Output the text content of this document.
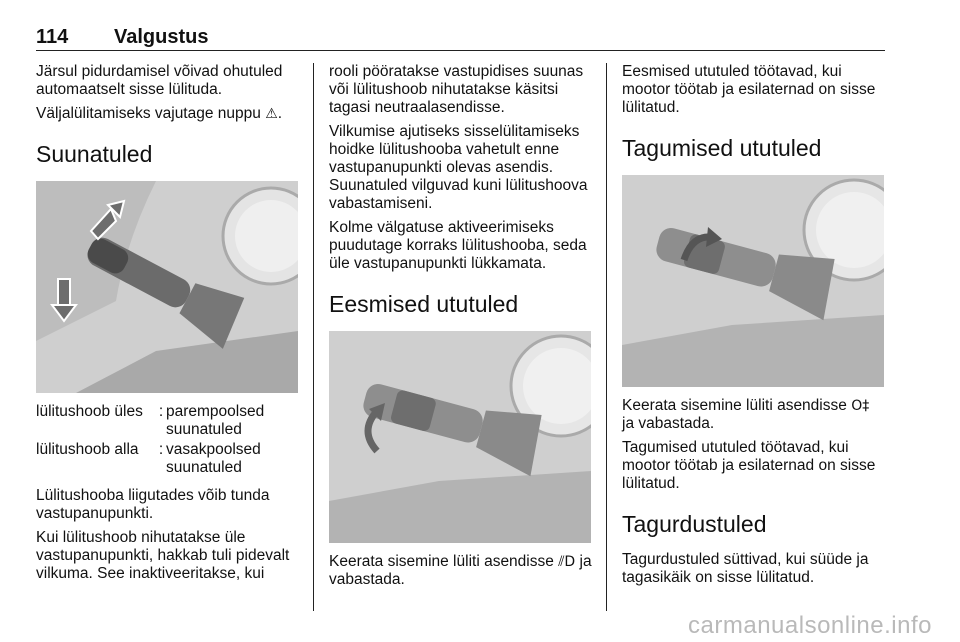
114 Valgustus

Järsul pidurdamisel võivad ohutuled automaatselt sisse lülituda.

Väljalülitamiseks vajutage nuppu ⚠.

Suunatuled
lülitushoob üles	: parempoolsed suunatuled
lülitushoob alla	: vasakpoolsed suunatuled

Lülitushooba liigutades võib tunda vastupanupunkti.

Kui lülitushoob nihutatakse üle vastupanupunkti, hakkab tuli pidevalt vilkuma. See inaktiveeritakse, kui

rooli pööratakse vastupidises suunas või lülitushoob nihutatakse käsitsi tagasi neutraalasendisse.

Vilkumise ajutiseks sisselülitamiseks hoidke lülitushooba vahetult enne vastupanupunkti olevas asendis. Suunatuled vilguvad kuni lülitushoova vabastamiseni.

Kolme välgatuse aktiveerimiseks puudutage korraks lülitushooba, seda üle vastupanupunkti lükkamata.

Eesmised ututuled

Keerata sisemine lüliti asendisse ⫽D ja vabastada.

Eesmised ututuled töötavad, kui mootor töötab ja esilaternad on sisse lülitatud.

Tagumised ututuled

Keerata sisemine lüliti asendisse O‡ ja vabastada.

Tagumised ututuled töötavad, kui mootor töötab ja esilaternad on sisse lülitatud.

Tagurdustuled

Tagurdustuled süttivad, kui süüde ja tagasikäik on sisse lülitatud.

carmanualsonline.info
